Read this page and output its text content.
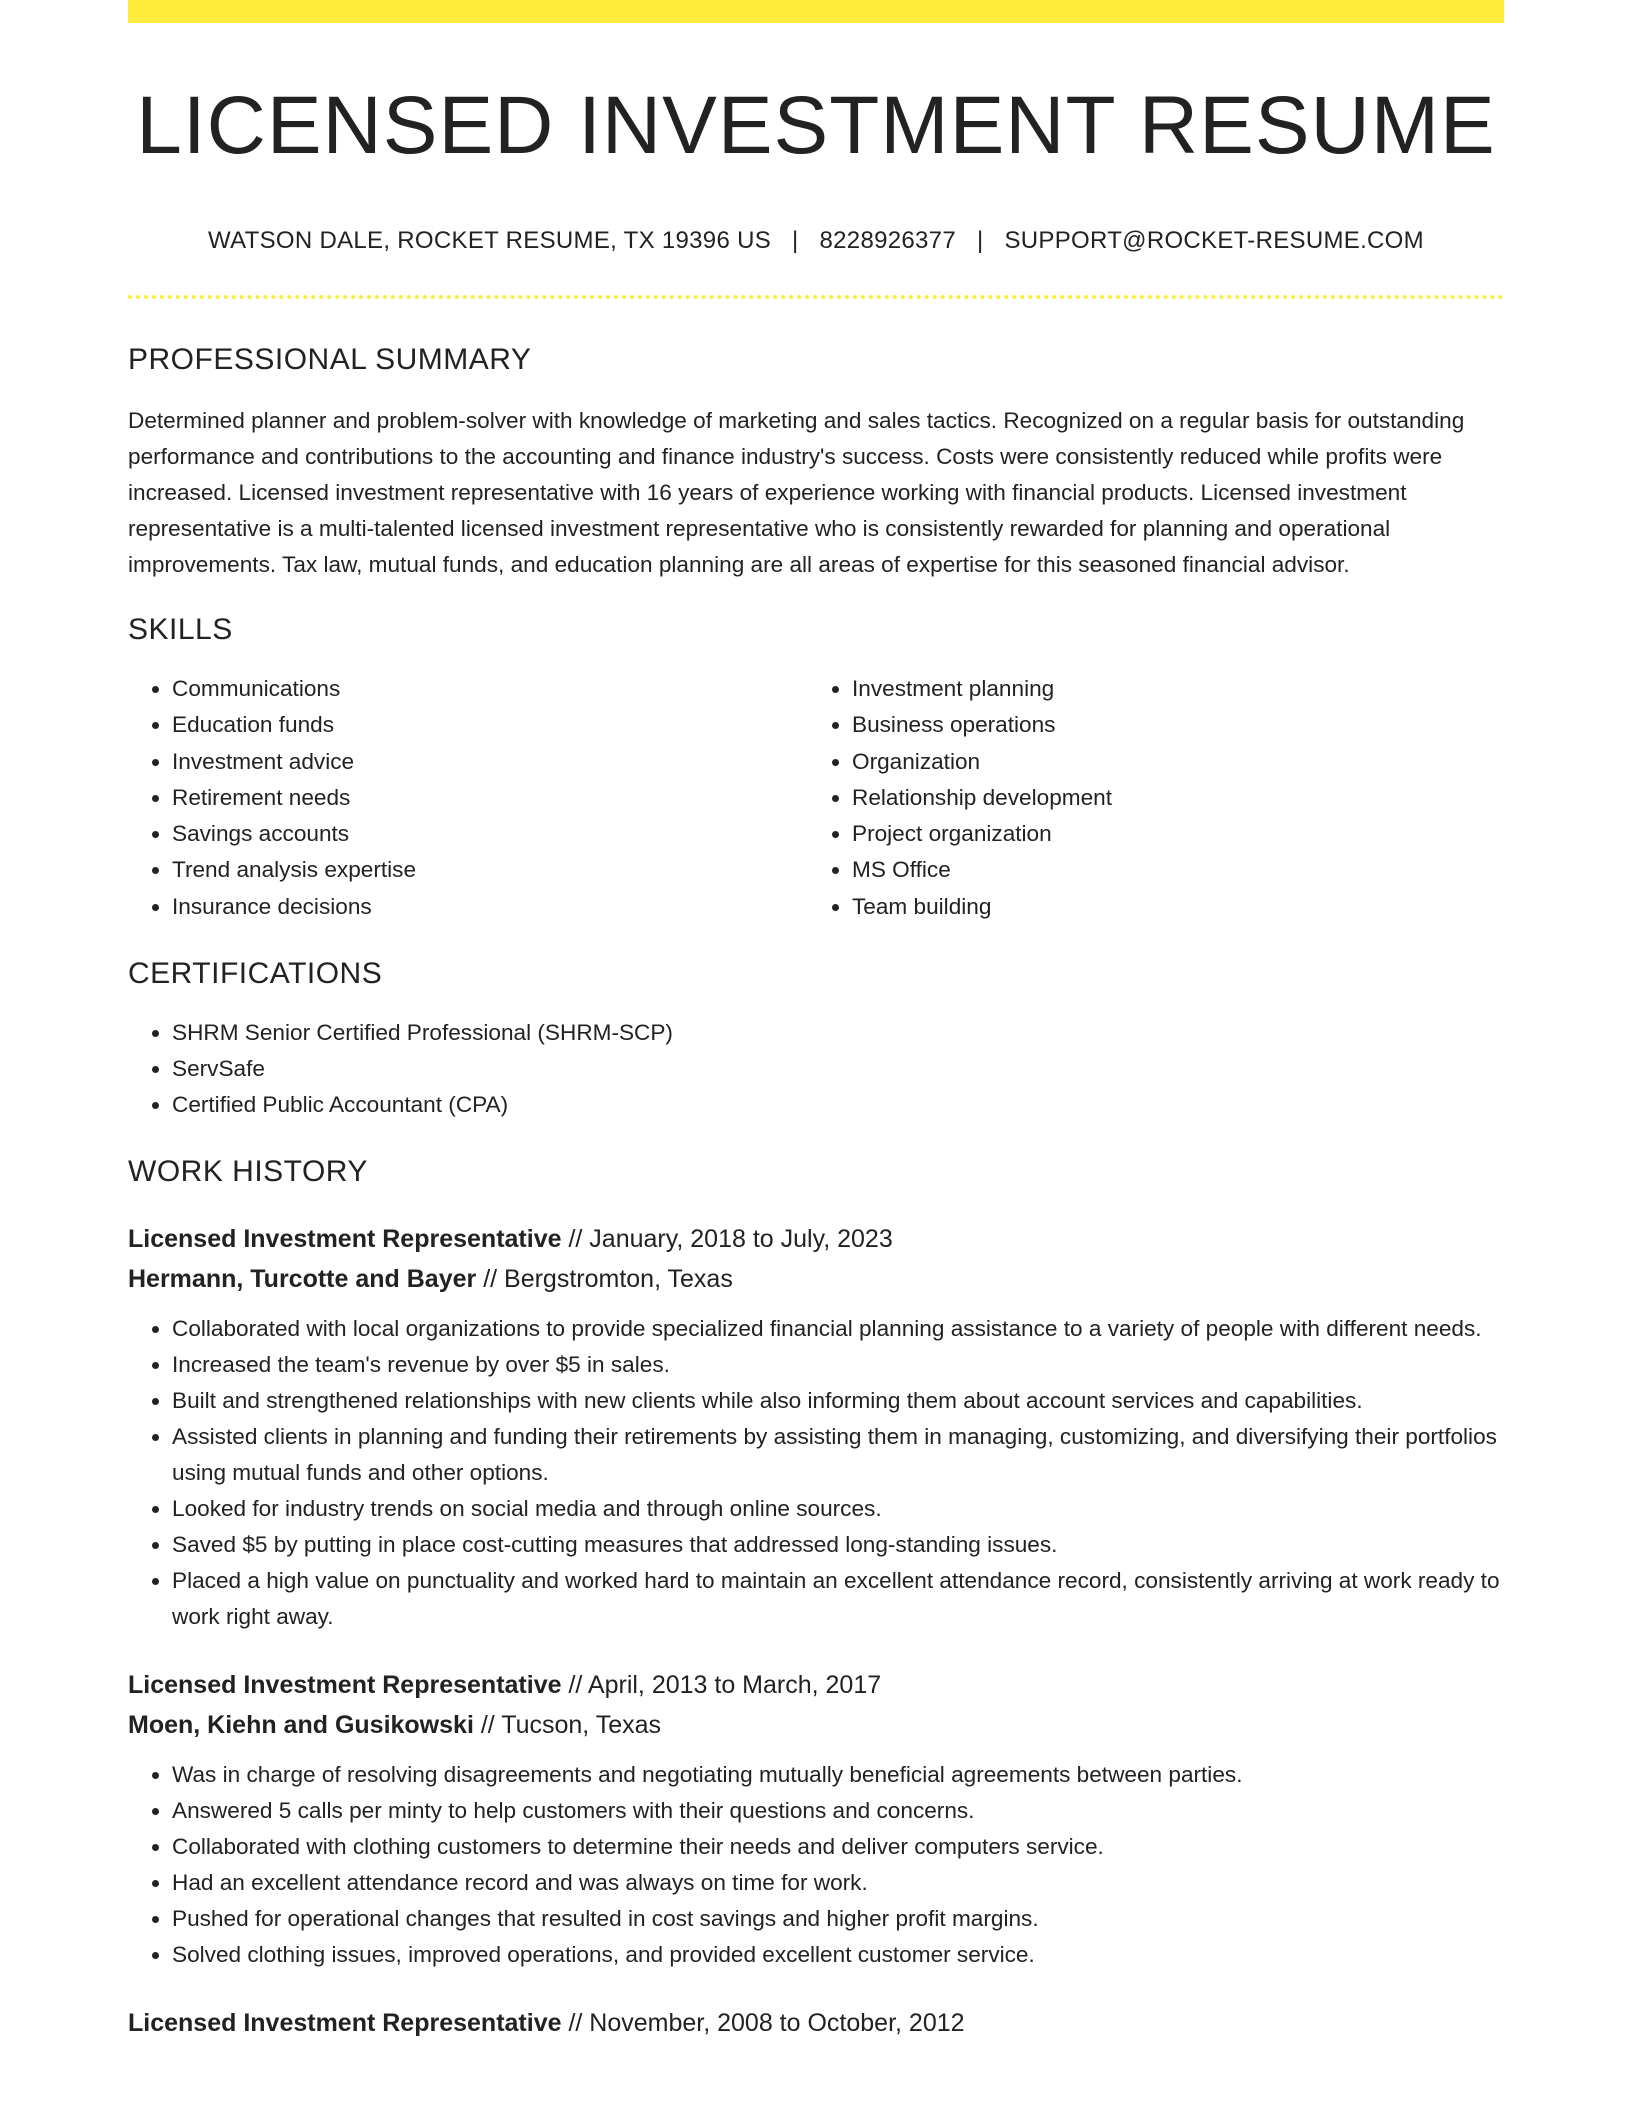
LICENSED INVESTMENT RESUME
WATSON DALE, ROCKET RESUME, TX 19396 US | 8228926377 | SUPPORT@ROCKET-RESUME.COM
PROFESSIONAL SUMMARY
Determined planner and problem-solver with knowledge of marketing and sales tactics. Recognized on a regular basis for outstanding performance and contributions to the accounting and finance industry's success. Costs were consistently reduced while profits were increased. Licensed investment representative with 16 years of experience working with financial products. Licensed investment representative is a multi-talented licensed investment representative who is consistently rewarded for planning and operational improvements. Tax law, mutual funds, and education planning are all areas of expertise for this seasoned financial advisor.
SKILLS
• Communications
• Education funds
• Investment advice
• Retirement needs
• Savings accounts
• Trend analysis expertise
• Insurance decisions
• Investment planning
• Business operations
• Organization
• Relationship development
• Project organization
• MS Office
• Team building
CERTIFICATIONS
• SHRM Senior Certified Professional (SHRM-SCP)
• ServSafe
• Certified Public Accountant (CPA)
WORK HISTORY
Licensed Investment Representative // January, 2018 to July, 2023
Hermann, Turcotte and Bayer // Bergstromton, Texas
• Collaborated with local organizations to provide specialized financial planning assistance to a variety of people with different needs.
• Increased the team's revenue by over $5 in sales.
• Built and strengthened relationships with new clients while also informing them about account services and capabilities.
• Assisted clients in planning and funding their retirements by assisting them in managing, customizing, and diversifying their portfolios using mutual funds and other options.
• Looked for industry trends on social media and through online sources.
• Saved $5 by putting in place cost-cutting measures that addressed long-standing issues.
• Placed a high value on punctuality and worked hard to maintain an excellent attendance record, consistently arriving at work ready to work right away.
Licensed Investment Representative // April, 2013 to March, 2017
Moen, Kiehn and Gusikowski // Tucson, Texas
• Was in charge of resolving disagreements and negotiating mutually beneficial agreements between parties.
• Answered 5 calls per minty to help customers with their questions and concerns.
• Collaborated with clothing customers to determine their needs and deliver computers service.
• Had an excellent attendance record and was always on time for work.
• Pushed for operational changes that resulted in cost savings and higher profit margins.
• Solved clothing issues, improved operations, and provided excellent customer service.
Licensed Investment Representative // November, 2008 to October, 2012
